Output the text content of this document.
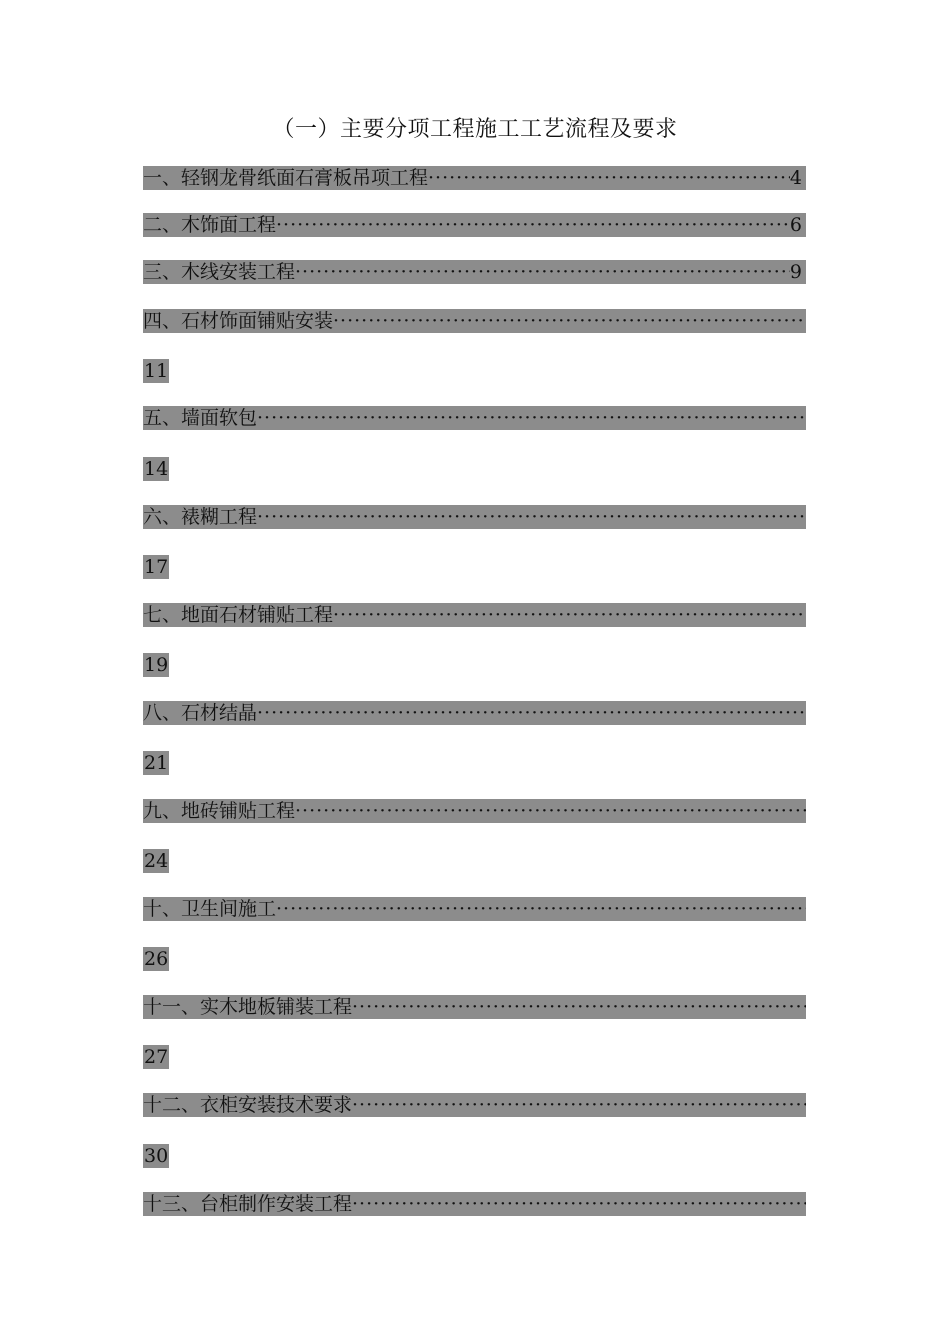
（一）主要分项工程施工工艺流程及要求
一、轻钢龙骨纸面石膏板吊项工程 ·····	4
二、木饰面工程 ·····	6
三、木线安装工程 ·····	9
四、石材饰面铺贴安装
·····
11
五、墙面软包
·····
14
六、裱糊工程
·····
17
七、地面石材铺贴工程
·····
19
八、石材结晶
·····
21
九、地砖铺贴工程
·····
24
十、卫生间施工
·····
26
十一、实木地板铺装工程
·····
27
十二、衣柜安装技术要求
·····
30
十三、台柜制作安装工程
·····
